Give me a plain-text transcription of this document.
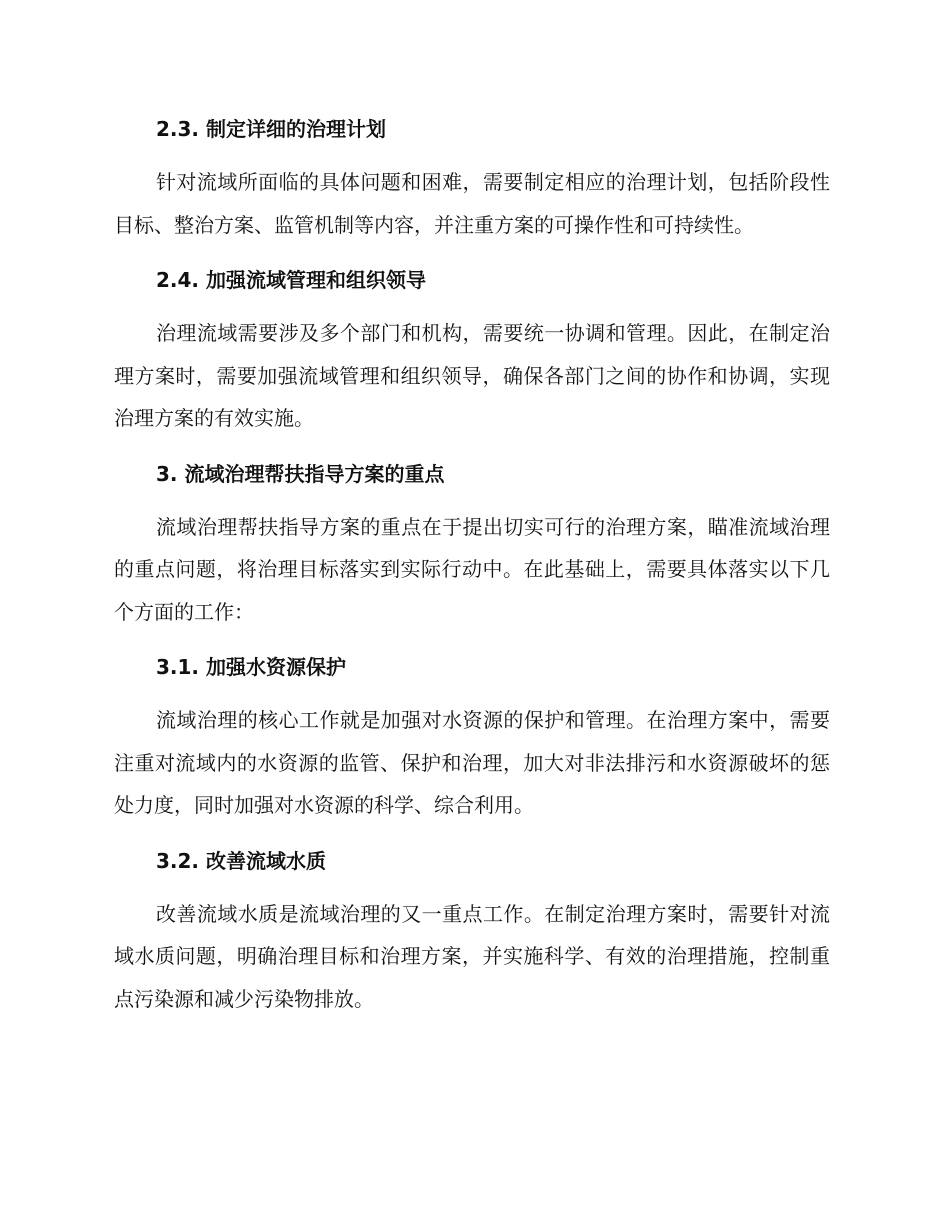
2.3. 制定详细的治理计划

针对流域所面临的具体问题和困难，需要制定相应的治理计划，包括阶段性目标、整治方案、监管机制等内容，并注重方案的可操作性和可持续性。

2.4. 加强流域管理和组织领导

治理流域需要涉及多个部门和机构，需要统一协调和管理。因此，在制定治理方案时，需要加强流域管理和组织领导，确保各部门之间的协作和协调，实现治理方案的有效实施。

3. 流域治理帮扶指导方案的重点

流域治理帮扶指导方案的重点在于提出切实可行的治理方案，瞄准流域治理的重点问题，将治理目标落实到实际行动中。在此基础上，需要具体落实以下几个方面的工作：

3.1. 加强水资源保护

流域治理的核心工作就是加强对水资源的保护和管理。在治理方案中，需要注重对流域内的水资源的监管、保护和治理，加大对非法排污和水资源破坏的惩处力度，同时加强对水资源的科学、综合利用。

3.2. 改善流域水质

改善流域水质是流域治理的又一重点工作。在制定治理方案时，需要针对流域水质问题，明确治理目标和治理方案，并实施科学、有效的治理措施，控制重点污染源和减少污染物排放。
